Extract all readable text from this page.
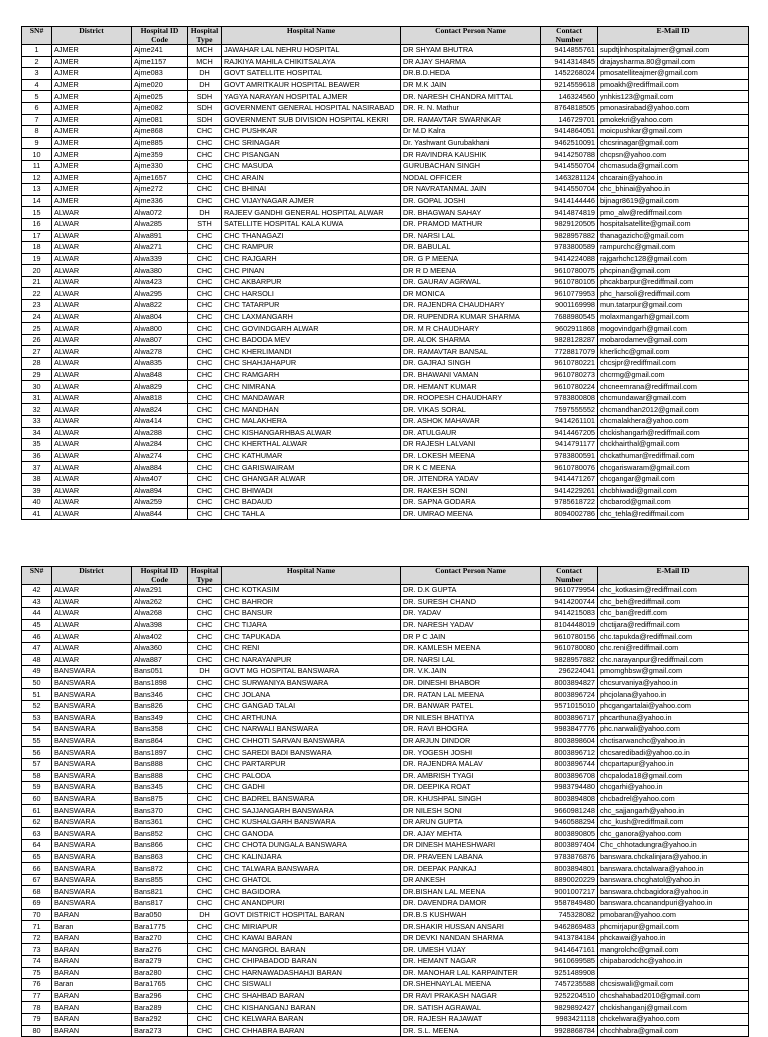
SN#	District	Hospital ID Code	Hospital Type	Hospital Name	Contact Person Name	Contact Number	E-Mail ID
1	AJMER	Ajme241	MCH	JAWAHAR LAL NEHRU HOSPITAL	DR SHYAM BHUTRA	9414855761	supdtjlnhospitalajmer@gmail.com
2	AJMER	Ajme1157	MCH	RAJKIYA MAHILA CHIKITSALAYA	DR AJAY SHARMA	9414314845	drajaysharma.80@gmail.com
3	AJMER	Ajme083	DH	GOVT SATELLITE HOSPITAL	DR.B.D.HEDA	1452268024	pmosatelliteajmer@gmail.com
4	AJMER	Ajme020	DH	GOVT AMRITKAUR HOSPITAL BEAWER	DR M.K JAIN	9214559618	pmoakh@rediffmail.com
5	AJMER	Ajme025	SDH	YAGYA NARAYAN HOSPITAL AJMER	DR. NARESH CHANDRA MITTAL	146324560	ynhkis123@gmail.com
6	AJMER	Ajme082	SDH	GOVERNMENT GENERAL HOSPITAL NASIRABAD	DR. R. N. Mathur	8764818505	pmonasirabad@yahoo.com
7	AJMER	Ajme081	SDH	GOVERNMENT SUB DIVISION HOSPITAL KEKRI	DR. RAMAVTAR SWARNKAR	146729701	pmokekri@yahoo.com
8	AJMER	Ajme868	CHC	CHC PUSHKAR	Dr M.D Kalra	9414864051	moicpushkar@gmail.com
9	AJMER	Ajme885	CHC	CHC SRINAGAR	Dr. Yashwant Gurubakhani	9462510091	chcsrinagar@gmail.com
10	AJMER	Ajme359	CHC	CHC PISANGAN	DR RAVINDRA KAUSHIK	9414250788	chcpsn@yahoo.com
11	AJMER	Ajme330	CHC	CHC MASUDA	GURUBACHAN SINGH	9414550704	chcmasuda@gmail.com
12	AJMER	Ajme1657	CHC	CHC ARAIN	NODAL OFFICER	1463281124	chcarain@yahoo.in
13	AJMER	Ajme272	CHC	CHC BHINAI	DR NAVRATANMAL JAIN	9414550704	chc_bhinai@yahoo.in
14	AJMER	Ajme336	CHC	CHC VIJAYNAGAR AJMER	DR. GOPAL JOSHI	9414144446	bijnagr8619@gmail.com
15	ALWAR	Alwa072	DH	RAJEEV GANDHI GENERAL HOSPITAL ALWAR	DR. BHAGWAN SAHAY	9414874819	pmo_alw@rediffmail.com
16	ALWAR	Alwa285	STH	SATELLITE HOSPITAL KALA KUWA	DR. PRAMOD MATHUR	9829120505	hospitalsatellite@gmail.com
17	ALWAR	Alwa891	CHC	CHC THANAGAZI	DR. NARSI LAL	9828957882	thanagazichc@gmail.com
18	ALWAR	Alwa271	CHC	CHC RAMPUR	DR. BABULAL	9783800589	rampurchc@gmail.com
19	ALWAR	Alwa339	CHC	CHC RAJGARH	DR. G P MEENA	9414224088	rajgarhchc128@gmail.com
20	ALWAR	Alwa380	CHC	CHC PINAN	DR R D MEENA	9610780075	phcpinan@gmail.com
21	ALWAR	Alwa423	CHC	CHC AKBARPUR	DR. GAURAV AGRWAL	9610780105	phcakbarpur@rediffmail.com
22	ALWAR	Alwa295	CHC	CHC HARSOLI	DR MONICA	9610779953	phc_harsoli@rediffmail.com
23	ALWAR	Alwa822	CHC	CHC TATARPUR	DR. RAJENDRA CHAUDHARY	9001169998	mun.tatarpur@gmail.com
24	ALWAR	Alwa804	CHC	CHC LAXMANGARH	DR. RUPENDRA KUMAR SHARMA	7688980545	molaxmangarh@gmail.com
25	ALWAR	Alwa800	CHC	CHC GOVINDGARH ALWAR	DR. M R CHAUDHARY	9602911868	mogovindgarh@gmail.com
26	ALWAR	Alwa807	CHC	CHC BADODA MEV	DR. ALOK SHARMA	9828128287	mobarodamev@gmail.com
27	ALWAR	Alwa278	CHC	CHC KHERLIMANDI	DR. RAMAVTAR BANSAL	7728817079	kherlichc@gmail.com
28	ALWAR	Alwa835	CHC	CHC SHAHJAHAPUR	DR. GAJRAJ SINGH	9610780221	chcsjpr@rediffmail.com
29	ALWAR	Alwa848	CHC	CHC RAMGARH	DR. BHAWANI VAMAN	9610780273	chcrmg@gmail.com
30	ALWAR	Alwa829	CHC	CHC NIMRANA	DR. HEMANT KUMAR	9610780224	chcneemrana@rediffmail.com
31	ALWAR	Alwa818	CHC	CHC MANDAWAR	DR. ROOPESH CHAUDHARY	9783800808	chcmundawar@gmail.com
32	ALWAR	Alwa824	CHC	CHC MANDHAN	DR. VIKAS SORAL	7597555552	chcmandhan2012@gmail.com
33	ALWAR	Alwa414	CHC	CHC MALAKHERA	DR. ASHOK MAHAVAR	9414261101	chcmalakhera@yahoo.com
34	ALWAR	Alwa288	CHC	CHC KISHANGARHBAS ALWAR	DR. ATULGAUR	9414467205	chckishangarh@rediffmail.com
35	ALWAR	Alwa284	CHC	CHC KHERTHAL ALWAR	DR RAJESH LALVANI	9414791177	chckhairthal@gmail.com
36	ALWAR	Alwa274	CHC	CHC KATHUMAR	DR. LOKESH MEENA	9783800591	chckathumar@rediffmail.com
37	ALWAR	Alwa884	CHC	CHC GARISWAIRAM	DR K C MEENA	9610780076	chcgariswaram@gmail.com
38	ALWAR	Alwa407	CHC	CHC GHANGAR ALWAR	DR. JITENDRA YADAV	9414471267	chcgangar@gmail.com
39	ALWAR	Alwa894	CHC	CHC BHIWADI	DR. RAKESH SONI	9414229261	chcbhiwadi@gmail.com
40	ALWAR	Alwa259	CHC	CHC BADAUD	DR. SAPNA GODARA	9785618722	chcbarod@gmail.com
41	ALWAR	Alwa844	CHC	CHC TAHLA	DR. UMRAO MEENA	8094002786	chc_tehla@rediffmail.com
SN#	District	Hospital ID Code	Hospital Type	Hospital Name	Contact Person Name	Contact Number	E-Mail ID
42	ALWAR	Alwa291	CHC	CHC KOTKASIM	DR. D.K GUPTA	9610779954	chc_kotkasim@rediffmail.com
43	ALWAR	Alwa262	CHC	CHC BAHROR	DR. SURESH CHAND	9414200744	chc_beh@rediffmail.com
44	ALWAR	Alwa268	CHC	CHC BANSUR	DR. YADAV	9414215083	chc_ban@rediff.com
45	ALWAR	Alwa398	CHC	CHC TIJARA	DR. NARESH YADAV	8104448019	chctijara@rediffmail.com
46	ALWAR	Alwa402	CHC	CHC TAPUKADA	DR P C JAIN	9610780156	chc.tapukda@rediffmail.com
47	ALWAR	Alwa360	CHC	CHC RENI	DR. KAMLESH MEENA	9610780080	chc.reni@rediffmail.com
48	ALWAR	Alwa887	CHC	CHC NARAYANPUR	DR. NARSI LAL	9828957882	chc.narayanpur@rediffmail.com
49	BANSWARA	Bans051	DH	GOVT MG HOSPITAL BANSWARA	DR. V.K.JAIN	296224041	pmomghbsw@gmail.com
50	BANSWARA	Bans1898	CHC	CHC SURWANIYA BANSWARA	DR. DINESHI BHABOR	8003894827	chcsurvaniya@yahoo.in
51	BANSWARA	Bans346	CHC	CHC JOLANA	DR. RATAN LAL MEENA	8003896724	phcjolana@yahoo.in
52	BANSWARA	Bans826	CHC	CHC GANGAD TALAI	DR. BANWAR PATEL	9571015010	phcgangartalai@yahoo.com
53	BANSWARA	Bans349	CHC	CHC ARTHUNA	DR NILESH BHATIYA	8003896717	phcarthuna@yahoo.in
54	BANSWARA	Bans358	CHC	CHC NARWALI BANSWARA	DR. RAVI BHOGRA	9983847776	phc.narwali@yahoo.com
55	BANSWARA	Bans864	CHC	CHC CHHOTI SARVAN BANSWARA	DR ARJUN DINDOR	8003898604	chctisarwanchc@yahoo.in
56	BANSWARA	Bans1897	CHC	CHC SAREDI BADI BANSWARA	DR. YOGESH JOSHI	8003896712	chcsaredibadi@yahoo.co.in
57	BANSWARA	Bans888	CHC	CHC PARTARPUR	DR. RAJENDRA MALAV	8003896744	chcpartapur@yahoo.in
58	BANSWARA	Bans888	CHC	CHC PALODA	DR. AMBRISH TYAGI	8003896708	chcpaloda18@gmail.com
59	BANSWARA	Bans345	CHC	CHC GADHI	DR. DEEPIKA ROAT	9983794480	chcgarhi@yahoo.in
60	BANSWARA	Bans875	CHC	CHC BADREL BANSWARA	DR. KHUSHPAL SINGH	8003894808	chcbadrel@yahoo.com
61	BANSWARA	Bans370	CHC	CHC SAJJANGARH BANSWARA	DR NILESH SONI	9660981248	chc_sajjangarh@yahoo.in
62	BANSWARA	Bans361	CHC	CHC KUSHALGARH BANSWARA	DR ARUN GUPTA	9460588294	chc_kush@rediffmail.com
63	BANSWARA	Bans852	CHC	CHC GANODA	DR. AJAY MEHTA	8003890805	chc_ganora@yahoo.com
64	BANSWARA	Bans866	CHC	CHC CHOTA DUNGALA BANSWARA	DR DINESH MAHESHWARI	8003897404	Chc_chhotadungra@yahoo.in
65	BANSWARA	Bans863	CHC	CHC KALINJARA	DR. PRAVEEN LABANA	9783876876	banswara.chckalinjara@yahoo.in
66	BANSWARA	Bans872	CHC	CHC TALWARA BANSWARA	DR. DEEPAK PANKAJ	8003894801	banswara.chctalwara@yahoo.in
67	BANSWARA	Bans855	CHC	CHC GHATOL	DR ANKESH	8890020229	banswara.chcghatol@yahoo.in
68	BANSWARA	Bans821	CHC	CHC BAGIDORA	DR.BISHAN LAL MEENA	9001007217	banswara.chcbagidora@yahoo.in
69	BANSWARA	Bans817	CHC	CHC ANANDPURI	DR. DAVENDRA DAMOR	9587849480	banswara.chcanandpuri@yahoo.in
70	BARAN	Bara050	DH	GOVT DISTRICT HOSPITAL BARAN	DR.B.S KUSHWAH	745328082	pmobaran@yahoo.com
71	Baran	Bara1775	CHC	CHC MIRIAPUR	DR.SHAKIR HUSSAN ANSARI	9462869483	phcmirjapur@gmail.com
72	BARAN	Bara270	CHC	CHC KAWAI BARAN	DR DEVKI NANDAN SHARMA	9413784184	phckawai@yahoo.in
73	BARAN	Bara276	CHC	CHC MANGROL BARAN	DR. UMESH VIJAY	9414647161	mangrolchc@gmail.com
74	BARAN	Bara279	CHC	CHC CHIPABADOD BARAN	DR. HEMANT NAGAR	9610699585	chipabarodchc@yahoo.in
75	BARAN	Bara280	CHC	CHC HARNAWADASHAHJI BARAN	DR. MANOHAR LAL KARPAINTER	9251489908	
76	Baran	Bara1765	CHC	CHC SISWALI	DR.SHEHNAYLAL MEENA	7457235588	chcsiswali@gmail.com
77	BARAN	Bara296	CHC	CHC SHAHBAD BARAN	DR RAVI PRAKASH NAGAR	9252204510	chcshahabad2010@gmail.com
78	BARAN	Bara289	CHC	CHC KISHANGANJ BARAN	DR. SATISH AGRAWAL	9829892427	chckishanganj@gmail.com
79	BARAN	Bara292	CHC	CHC KELWARA BARAN	DR. RAJESH RAJAWAT	9983421118	chckelwara@yahoo.com
80	BARAN	Bara273	CHC	CHC CHHABRA BARAN	DR. S.L. MEENA	9928868784	chcchhabra@gmail.com
